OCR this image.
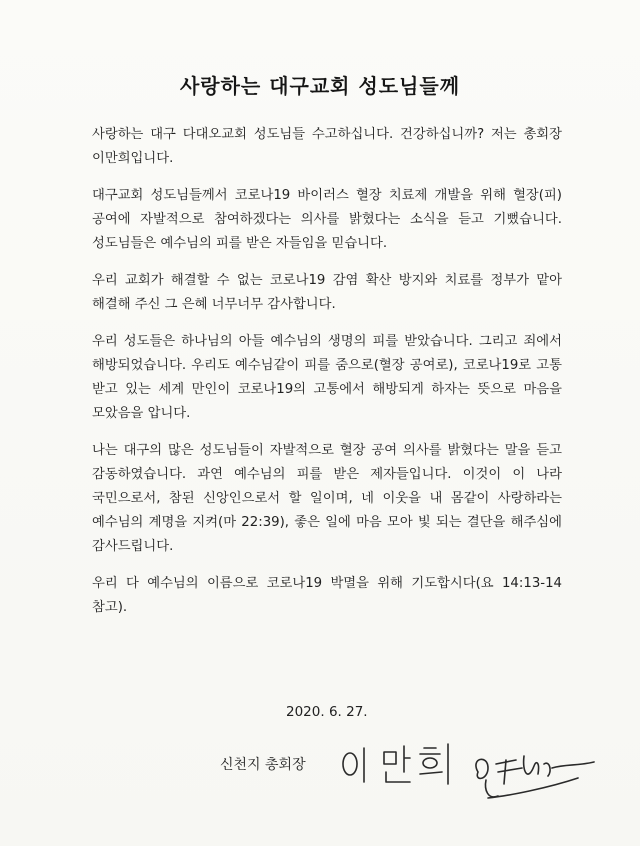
사랑하는 대구교회 성도님들께

사랑하는 대구 다대오교회 성도님들 수고하십니다. 건강하십니까? 저는 총회장 이만희입니다.

대구교회 성도님들께서 코로나19 바이러스 혈장 치료제 개발을 위해 혈장(피) 공여에 자발적으로 참여하겠다는 의사를 밝혔다는 소식을 듣고 기뻤습니다. 성도님들은 예수님의 피를 받은 자들임을 믿습니다.

우리 교회가 해결할 수 없는 코로나19 감염 확산 방지와 치료를 정부가 맡아 해결해 주신 그 은혜 너무너무 감사합니다.

우리 성도들은 하나님의 아들 예수님의 생명의 피를 받았습니다. 그리고 죄에서 해방되었습니다. 우리도 예수님같이 피를 줌으로(혈장 공여로), 코로나19로 고통 받고 있는 세계 만인이 코로나19의 고통에서 해방되게 하자는 뜻으로 마음을 모았음을 압니다.

나는 대구의 많은 성도님들이 자발적으로 혈장 공여 의사를 밝혔다는 말을 듣고 감동하였습니다. 과연 예수님의 피를 받은 제자들입니다. 이것이 이 나라 국민으로서, 참된 신앙인으로서 할 일이며, 네 이웃을 내 몸같이 사랑하라는 예수님의 계명을 지켜(마 22:39), 좋은 일에 마음 모아 빛 되는 결단을 해주심에 감사드립니다.

우리 다 예수님의 이름으로 코로나19 박멸을 위해 기도합시다(요 14:13-14 참고).

2020. 6. 27.
신천지 총회장
